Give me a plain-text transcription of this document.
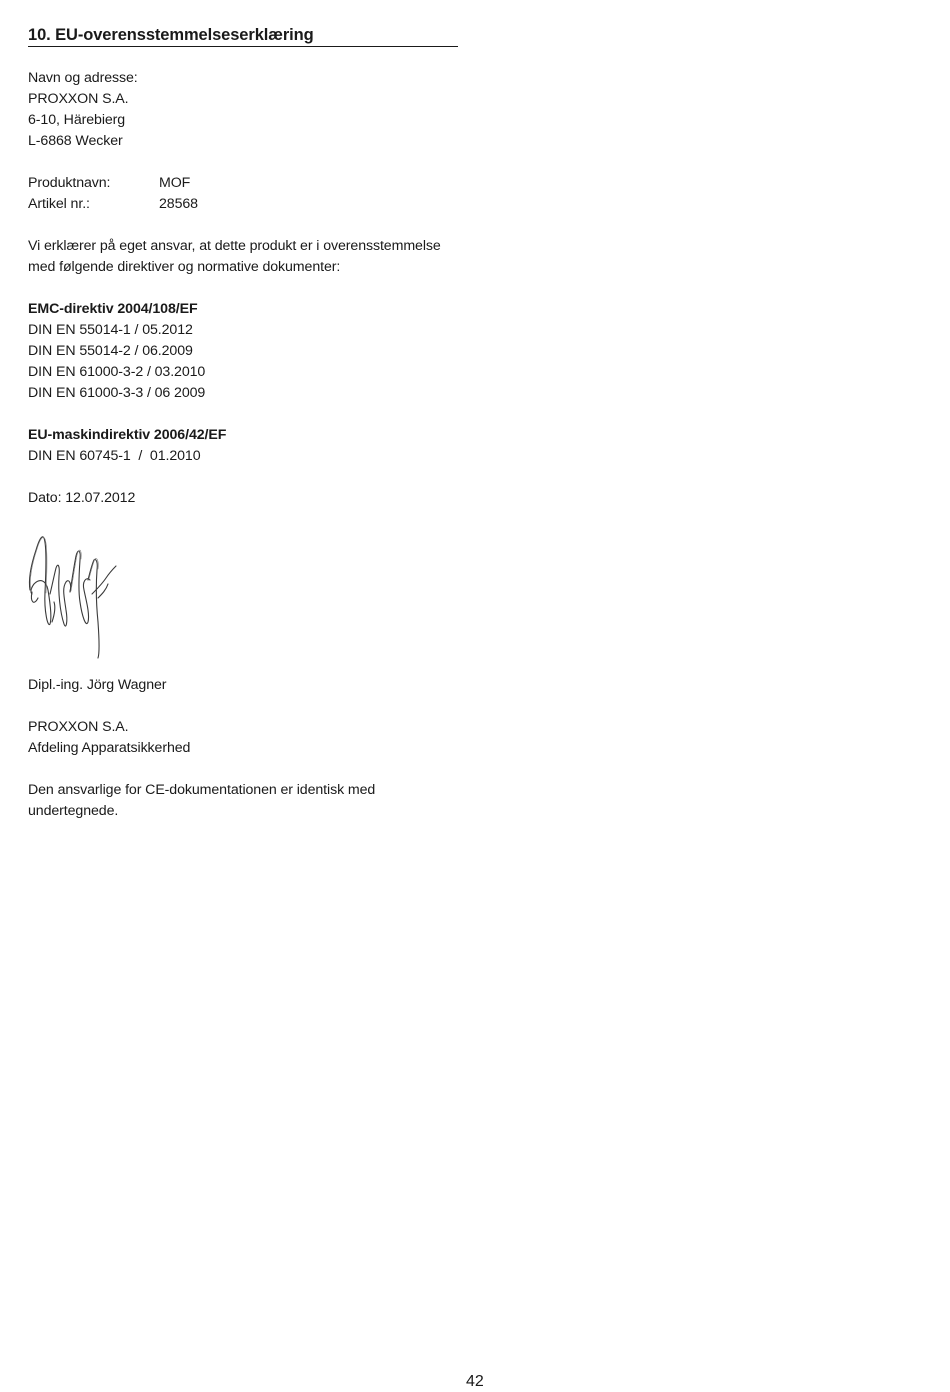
10. EU-overensstemmelseserklæring
Navn og adresse:
PROXXON S.A.
6-10, Härebierg
L-6868 Wecker
Produktnavn:	MOF
Artikel nr.:	28568
Vi erklærer på eget ansvar, at dette produkt er i overensstemmelse
med følgende direktiver og normative dokumenter:
EMC-direktiv 2004/108/EF
DIN EN 55014-1 / 05.2012
DIN EN 55014-2 / 06.2009
DIN EN 61000-3-2 / 03.2010
DIN EN 61000-3-3 / 06 2009
EU-maskindirektiv 2006/42/EF
DIN EN 60745-1  /  01.2010
Dato: 12.07.2012
Dipl.-ing. Jörg Wagner
PROXXON S.A.
Afdeling Apparatsikkerhed
Den ansvarlige for CE-dokumentationen er identisk med
undertegnede.
42
